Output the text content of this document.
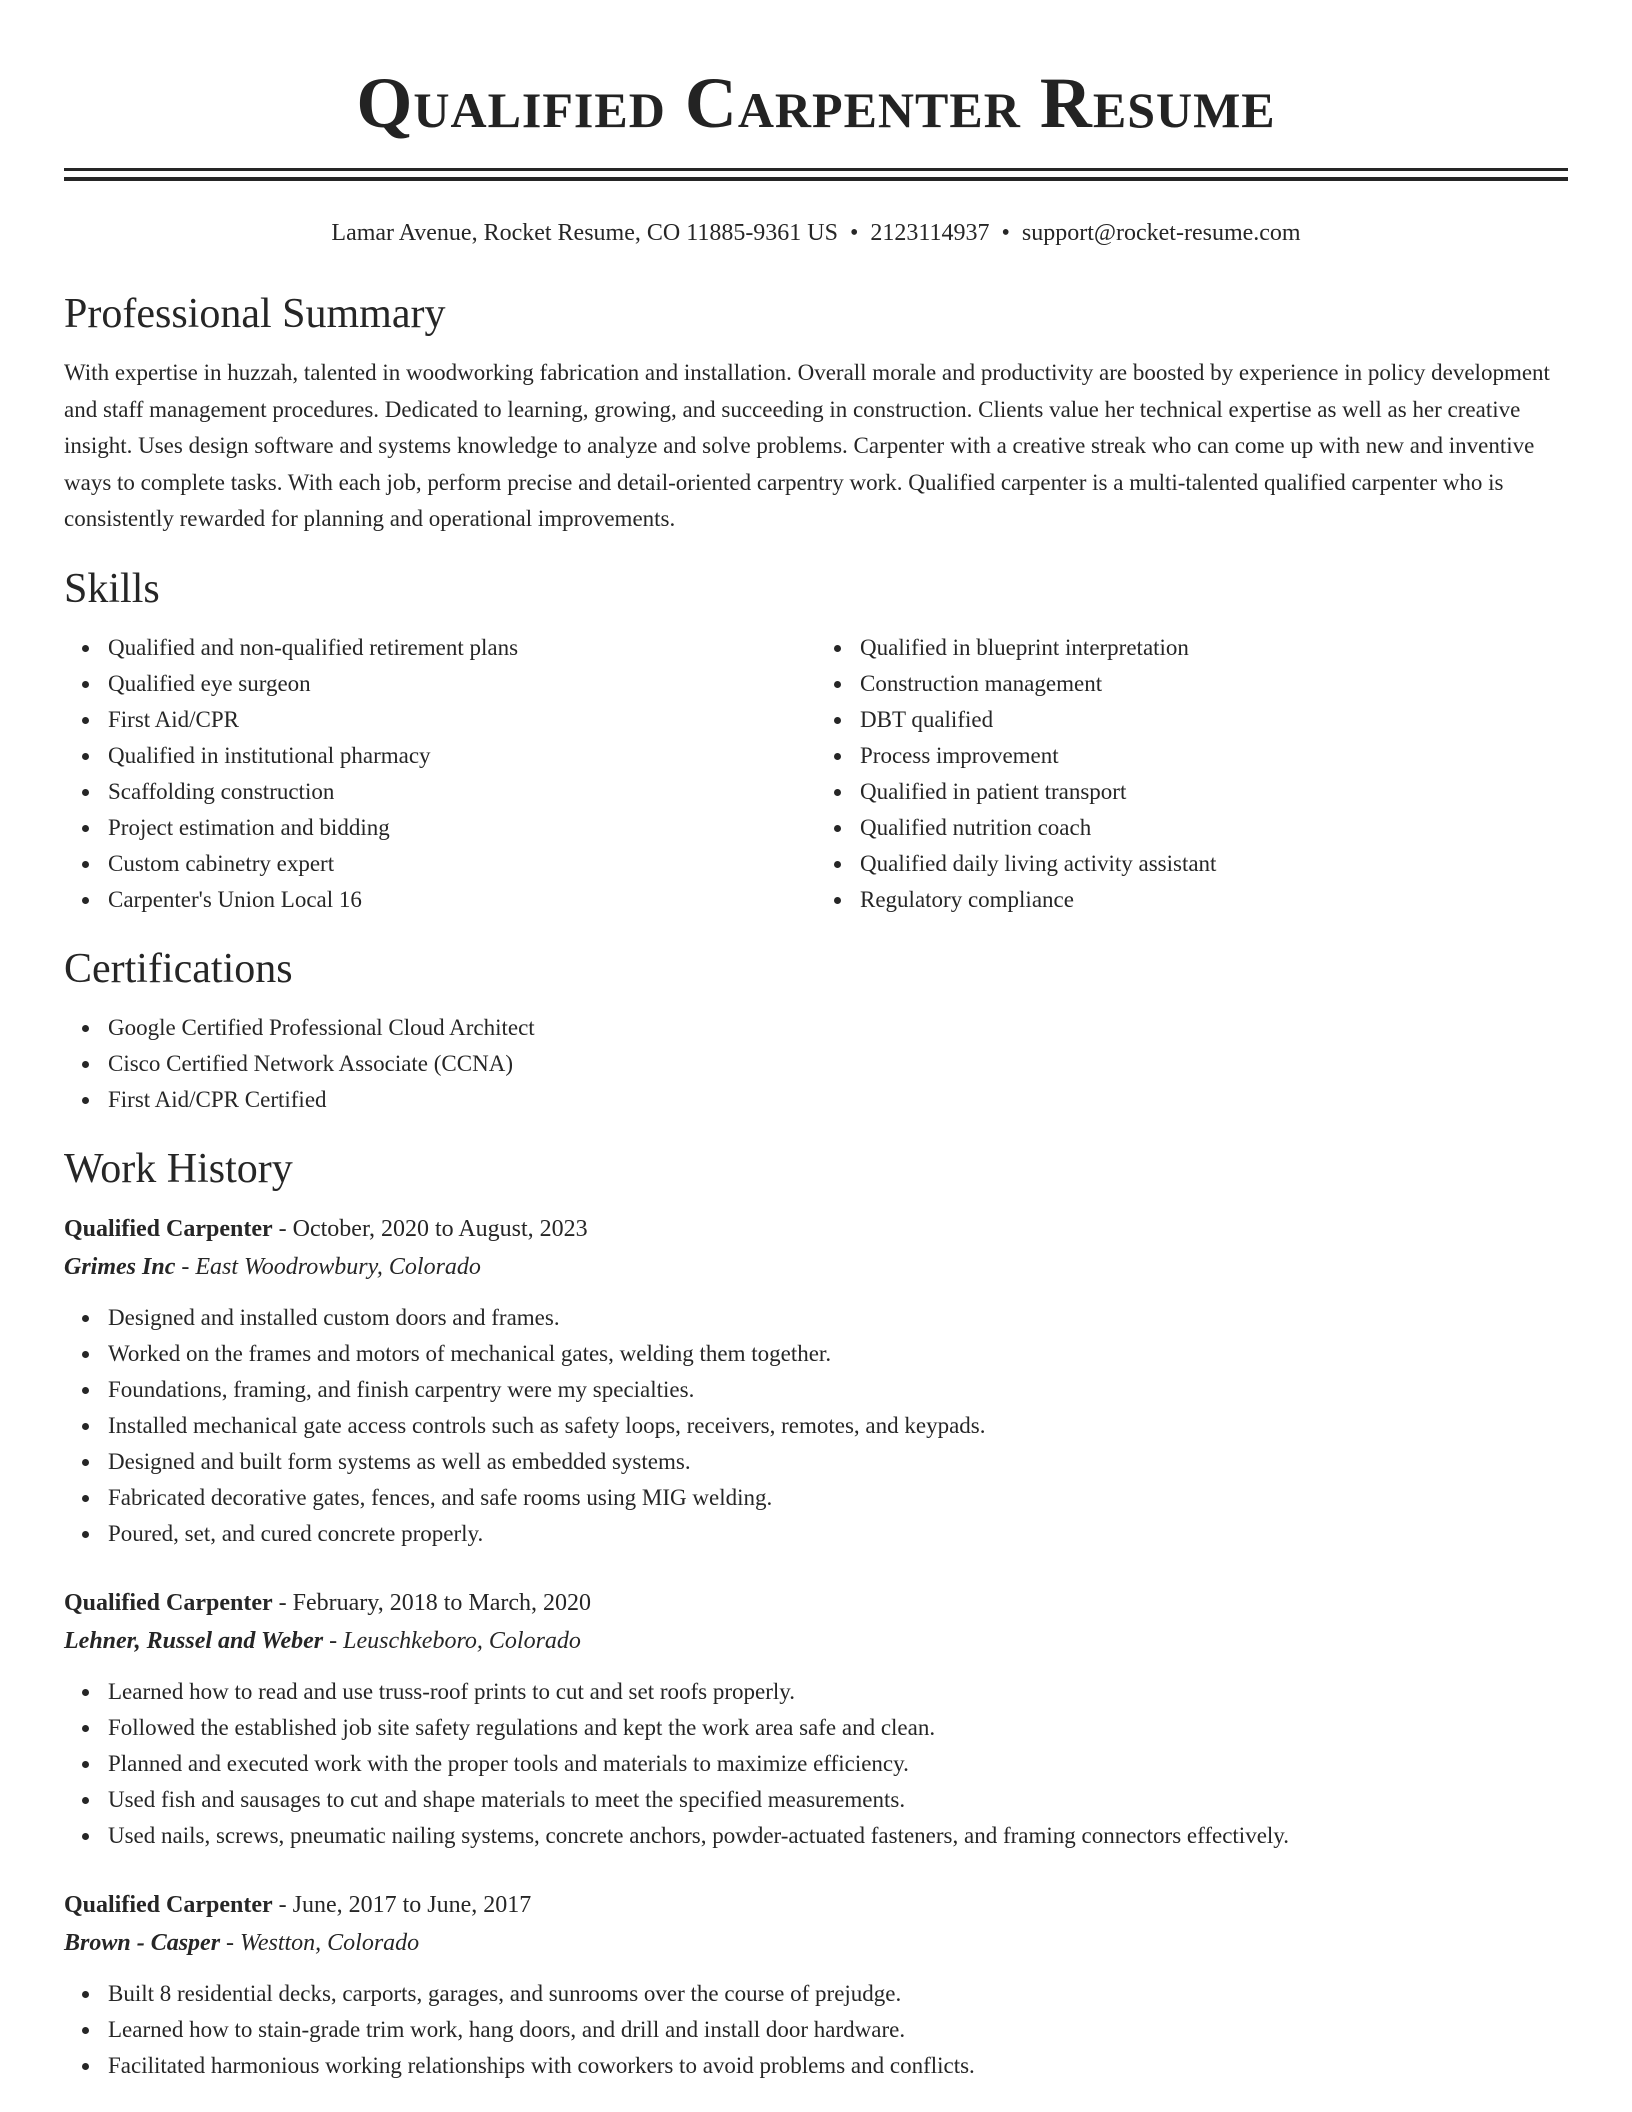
Qualified Carpenter Resume
Lamar Avenue, Rocket Resume, CO 11885-9361 US • 2123114937 • support@rocket-resume.com
Professional Summary
With expertise in huzzah, talented in woodworking fabrication and installation. Overall morale and productivity are boosted by experience in policy development and staff management procedures. Dedicated to learning, growing, and succeeding in construction. Clients value her technical expertise as well as her creative insight. Uses design software and systems knowledge to analyze and solve problems. Carpenter with a creative streak who can come up with new and inventive ways to complete tasks. With each job, perform precise and detail-oriented carpentry work. Qualified carpenter is a multi-talented qualified carpenter who is consistently rewarded for planning and operational improvements.
Skills
Qualified and non-qualified retirement plans
Qualified eye surgeon
First Aid/CPR
Qualified in institutional pharmacy
Scaffolding construction
Project estimation and bidding
Custom cabinetry expert
Carpenter's Union Local 16
Qualified in blueprint interpretation
Construction management
DBT qualified
Process improvement
Qualified in patient transport
Qualified nutrition coach
Qualified daily living activity assistant
Regulatory compliance
Certifications
Google Certified Professional Cloud Architect
Cisco Certified Network Associate (CCNA)
First Aid/CPR Certified
Work History
Qualified Carpenter - October, 2020 to August, 2023
Grimes Inc - East Woodrowbury, Colorado
Designed and installed custom doors and frames.
Worked on the frames and motors of mechanical gates, welding them together.
Foundations, framing, and finish carpentry were my specialties.
Installed mechanical gate access controls such as safety loops, receivers, remotes, and keypads.
Designed and built form systems as well as embedded systems.
Fabricated decorative gates, fences, and safe rooms using MIG welding.
Poured, set, and cured concrete properly.
Qualified Carpenter - February, 2018 to March, 2020
Lehner, Russel and Weber - Leuschkeboro, Colorado
Learned how to read and use truss-roof prints to cut and set roofs properly.
Followed the established job site safety regulations and kept the work area safe and clean.
Planned and executed work with the proper tools and materials to maximize efficiency.
Used fish and sausages to cut and shape materials to meet the specified measurements.
Used nails, screws, pneumatic nailing systems, concrete anchors, powder-actuated fasteners, and framing connectors effectively.
Qualified Carpenter - June, 2017 to June, 2017
Brown - Casper - Westton, Colorado
Built 8 residential decks, carports, garages, and sunrooms over the course of prejudge.
Learned how to stain-grade trim work, hang doors, and drill and install door hardware.
Facilitated harmonious working relationships with coworkers to avoid problems and conflicts.
